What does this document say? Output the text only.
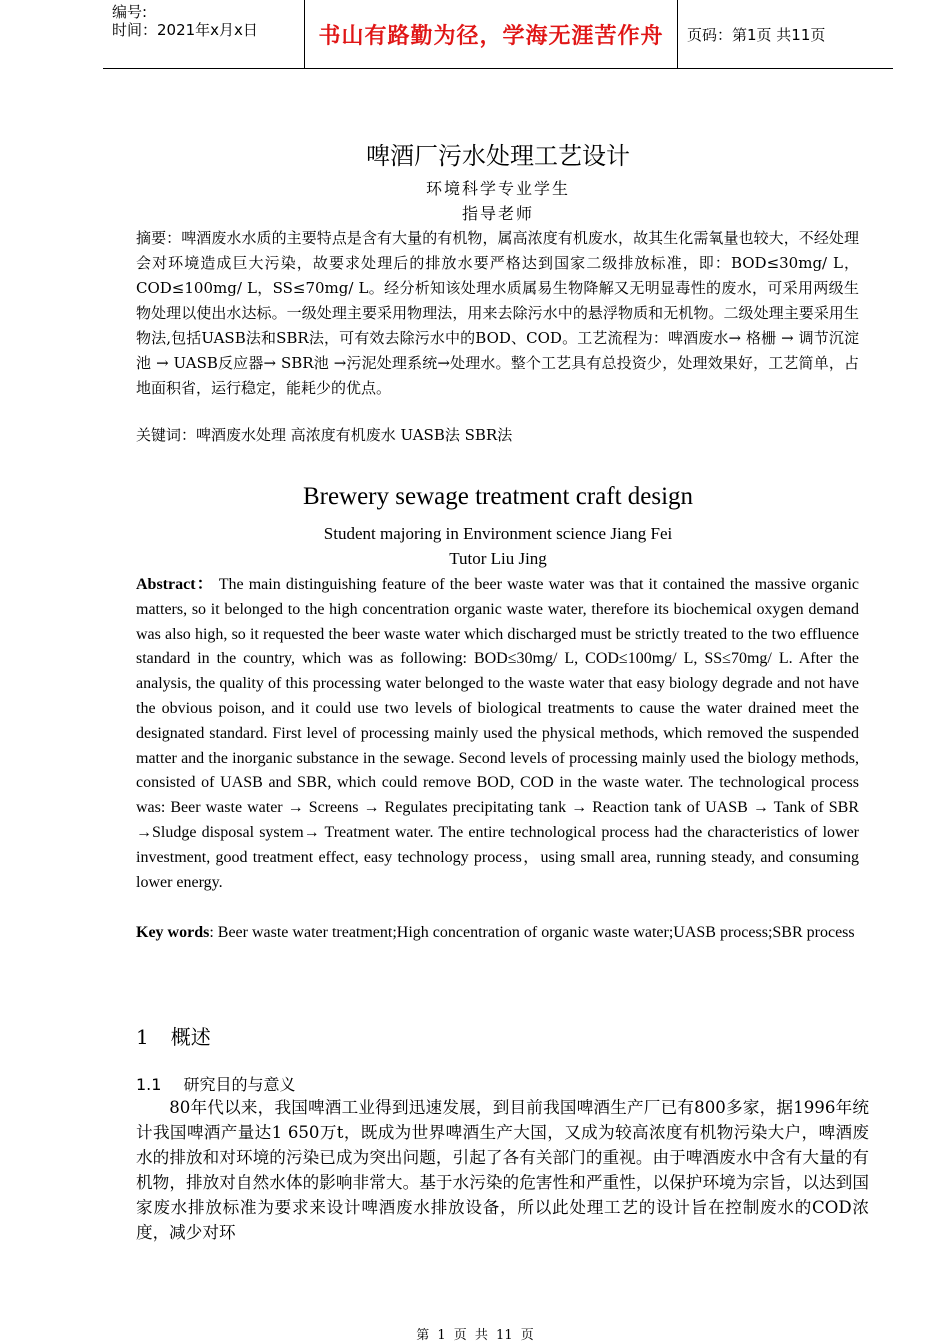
编号:
时间：2021年x月x日	书山有路勤为径，学海无涯苦作舟 页码：第1页 共11页
啤酒厂污水处理工艺设计
环境科学专业学生
指导老师
摘要：啤酒废水水质的主要特点是含有大量的有机物，属高浓度有机废水，故其生化需氧量也较大，不经处理会对环境造成巨大污染，故要求处理后的排放水要严格达到国家二级排放标准，即：BOD≤30mg/ L，COD≤100mg/ L，SS≤70mg/ L。经分析知该处理水质属易生物降解又无明显毒性的废水，可采用两级生物处理以使出水达标。一级处理主要采用物理法，用来去除污水中的悬浮物质和无机物。二级处理主要采用生物法,包括UASB法和SBR法，可有效去除污水中的BOD、COD。工艺流程为：啤酒废水→ 格栅 → 调节沉淀池 → UASB反应器→ SBR池 →污泥处理系统→处理水。整个工艺具有总投资少，处理效果好，工艺简单，占地面积省，运行稳定，能耗少的优点。
关键词：啤酒废水处理 高浓度有机废水 UASB法 SBR法
Brewery sewage treatment craft design
Student majoring in Environment science Jiang Fei
Tutor Liu Jing
Abstract： The main distinguishing feature of the beer waste water was that it contained the massive organic matters, so it belonged to the high concentration organic waste water, therefore its biochemical oxygen demand was also high, so it requested the beer waste water which discharged must be strictly treated to the two effluence standard in the country, which was as following: BOD≤30mg/ L, COD≤100mg/ L, SS≤70mg/ L. After the analysis, the quality of this processing water belonged to the waste water that easy biology degrade and not have the obvious poison, and it could use two levels of biological treatments to cause the water drained meet the designated standard. First level of processing mainly used the physical methods, which removed the suspended matter and the inorganic substance in the sewage. Second levels of processing mainly used the biology methods, consisted of UASB and SBR, which could remove BOD, COD in the waste water. The technological process was: Beer waste water → Screens → Regulates precipitating tank → Reaction tank of UASB → Tank of SBR →Sludge disposal system→ Treatment water. The entire technological process had the characteristics of lower investment, good treatment effect, easy technology process，using small area, running steady, and consuming lower energy.
Key words: Beer waste water treatment;High concentration of organic waste water;UASB process;SBR process
1 概述
1.1 研究目的与意义
80年代以来，我国啤酒工业得到迅速发展，到目前我国啤酒生产厂已有800多家，据1996年统计我国啤酒产量达1 650万t，既成为世界啤酒生产大国，又成为较高浓度有机物污染大户，啤酒废水的排放和对环境的污染已成为突出问题，引起了各有关部门的重视。由于啤酒废水中含有大量的有机物，排放对自然水体的影响非常大。基于水污染的危害性和严重性，以保护环境为宗旨，以达到国家废水排放标准为要求来设计啤酒废水排放设备，所以此处理工艺的设计旨在控制废水的COD浓度，减少对环
第 1 页 共 11 页
